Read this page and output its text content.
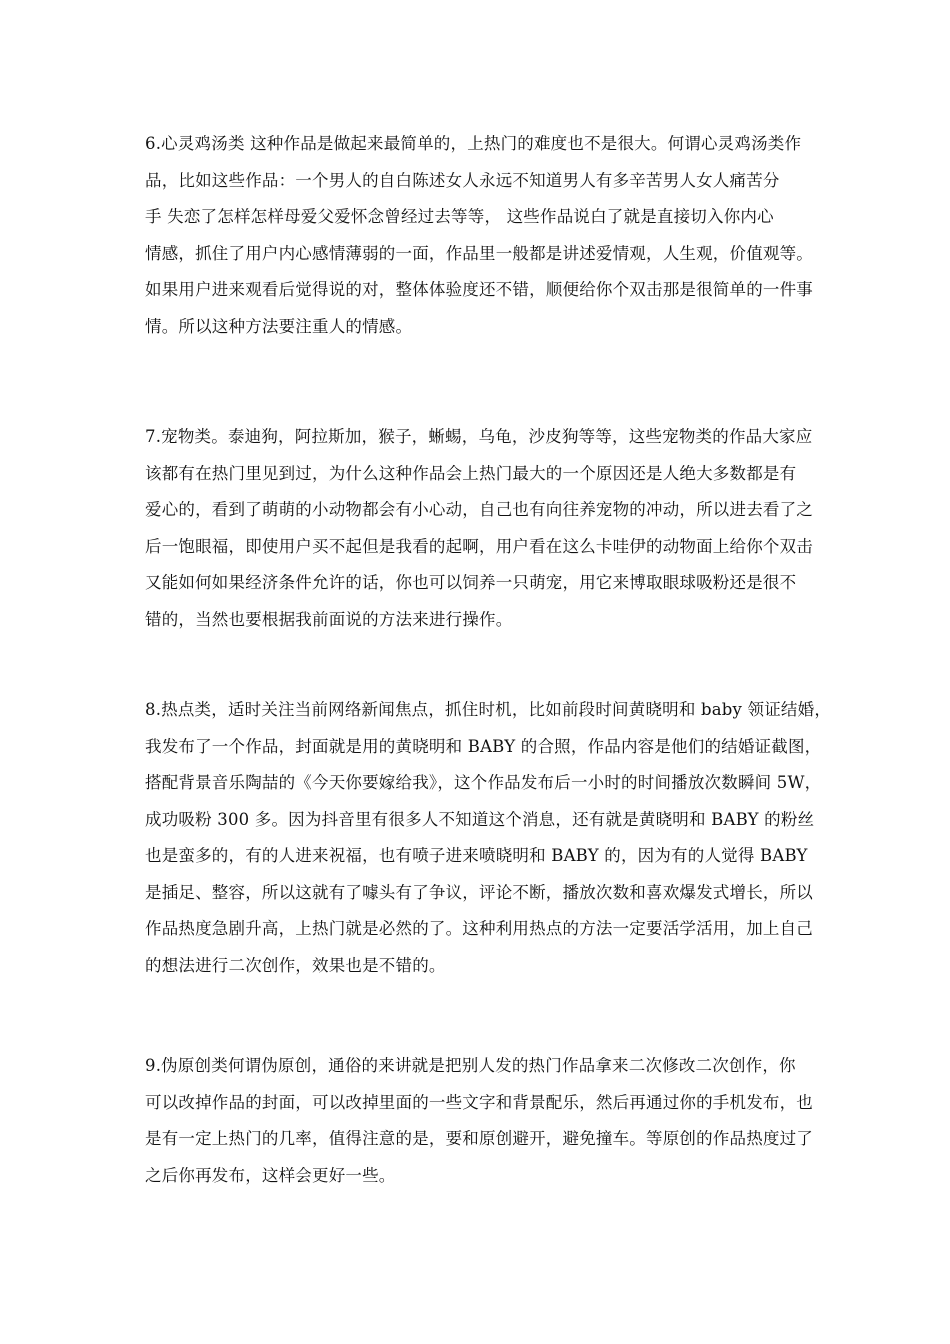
6.心灵鸡汤类 这种作品是做起来最简单的，上热门的难度也不是很大。何谓心灵鸡汤类作
品，比如这些作品：一个男人的自白陈述女人永远不知道男人有多辛苦男人女人痛苦分
手 失恋了怎样怎样母爱父爱怀念曾经过去等等， 这些作品说白了就是直接切入你内心
情感，抓住了用户内心感情薄弱的一面，作品里一般都是讲述爱情观，人生观，价值观等。
如果用户进来观看后觉得说的对，整体体验度还不错，顺便给你个双击那是很简单的一件事
情。所以这种方法要注重人的情感。
7.宠物类。泰迪狗，阿拉斯加，猴子，蜥蜴，乌龟，沙皮狗等等，这些宠物类的作品大家应
该都有在热门里见到过，为什么这种作品会上热门最大的一个原因还是人绝大多数都是有
爱心的，看到了萌萌的小动物都会有小心动，自己也有向往养宠物的冲动，所以进去看了之
后一饱眼福，即使用户买不起但是我看的起啊，用户看在这么卡哇伊的动物面上给你个双击
又能如何如果经济条件允许的话，你也可以饲养一只萌宠，用它来博取眼球吸粉还是很不
错的，当然也要根据我前面说的方法来进行操作。
8.热点类，适时关注当前网络新闻焦点，抓住时机，比如前段时间黄晓明和 baby 领证结婚，
我发布了一个作品，封面就是用的黄晓明和 BABY 的合照，作品内容是他们的结婚证截图，
搭配背景音乐陶喆的《今天你要嫁给我》，这个作品发布后一小时的时间播放次数瞬间 5W，
成功吸粉 300 多。因为抖音里有很多人不知道这个消息，还有就是黄晓明和 BABY 的粉丝
也是蛮多的，有的人进来祝福，也有喷子进来喷晓明和 BABY 的，因为有的人觉得 BABY
是插足、整容，所以这就有了噱头有了争议，评论不断，播放次数和喜欢爆发式增长，所以
作品热度急剧升高，上热门就是必然的了。这种利用热点的方法一定要活学活用，加上自己
的想法进行二次创作，效果也是不错的。
9.伪原创类何谓伪原创，通俗的来讲就是把别人发的热门作品拿来二次修改二次创作，你
可以改掉作品的封面，可以改掉里面的一些文字和背景配乐，然后再通过你的手机发布，也
是有一定上热门的几率，值得注意的是，要和原创避开，避免撞车。等原创的作品热度过了
之后你再发布，这样会更好一些。
